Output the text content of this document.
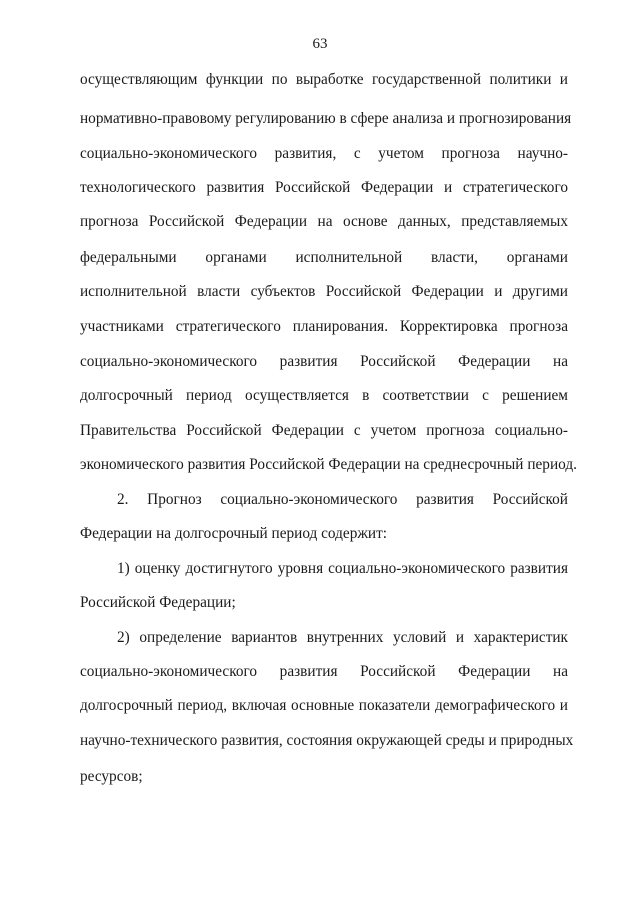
63
осуществляющим функции по выработке государственной политики и
нормативно-правовому регулированию в сфере анализа и прогнозирования
социально-экономического развития, с учетом прогноза научно-
технологического развития Российской Федерации и стратегического
прогноза Российской Федерации на основе данных, представляемых
федеральными органами исполнительной власти, органами
исполнительной власти субъектов Российской Федерации и другими
участниками стратегического планирования. Корректировка прогноза
социально-экономического развития Российской Федерации на
долгосрочный период осуществляется в соответствии с решением
Правительства Российской Федерации с учетом прогноза социально-
экономического развития Российской Федерации на среднесрочный период.
2. Прогноз социально-экономического развития Российской
Федерации на долгосрочный период содержит:
1) оценку достигнутого уровня социально-экономического развития
Российской Федерации;
2) определение вариантов внутренних условий и характеристик
социально-экономического развития Российской Федерации на
долгосрочный период, включая основные показатели демографического и
научно-технического развития, состояния окружающей среды и природных
ресурсов;
